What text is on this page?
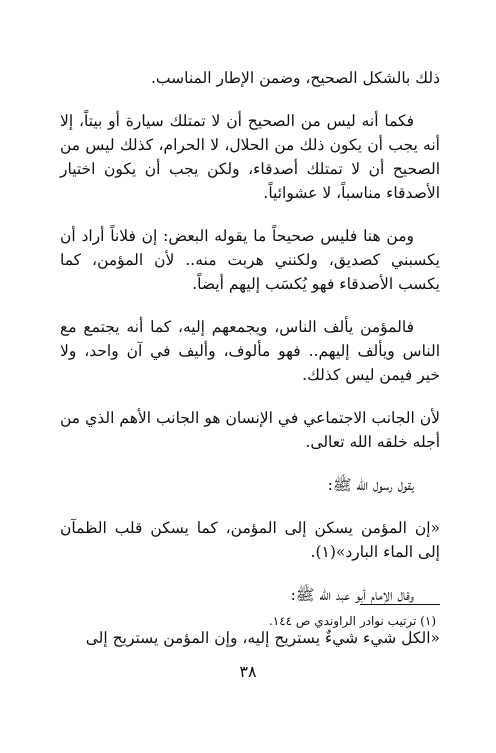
ذلك بالشكل الصحيح، وضمن الإطار المناسب.

فكما أنه ليس من الصحيح أن لا تمتلك سيارة أو بيتاً، إلا أنه يجب أن يكون ذلك من الحلال، لا الحرام، كذلك ليس من الصحيح أن لا تمتلك أصدقاء، ولكن يجب أن يكون اختيار الأصدقاء مناسباً، لا عشوائياً.

ومن هنا فليس صحيحاً ما يقوله البعض: إن فلاناً أراد أن يكسبني كصديق، ولكنني هربت منه.. لأن المؤمن، كما يكسب الأصدقاء فهو يُكسَب إليهم أيضاً.

فالمؤمن يألف الناس، ويجمعهم إليه، كما أنه يجتمع مع الناس ويألف إليهم.. فهو مألوف، وأليف في آن واحد، ولا خير فيمن ليس كذلك.

لأن الجانب الاجتماعي في الإنسان هو الجانب الأهم الذي من أجله خلقه الله تعالى.

يقول رسول الله ﷺ:

«إن المؤمن يسكن إلى المؤمن، كما يسكن قلب الظمآن إلى الماء البارد»(١).

وقال الإمام أبو عبد الله ﷺ:

«الكل شيء شيءٌ يستريح إليه، وإن المؤمن يستريح إلى

(١) ترتيب نوادر الراوندي ص ١٤٤.
٣٨
